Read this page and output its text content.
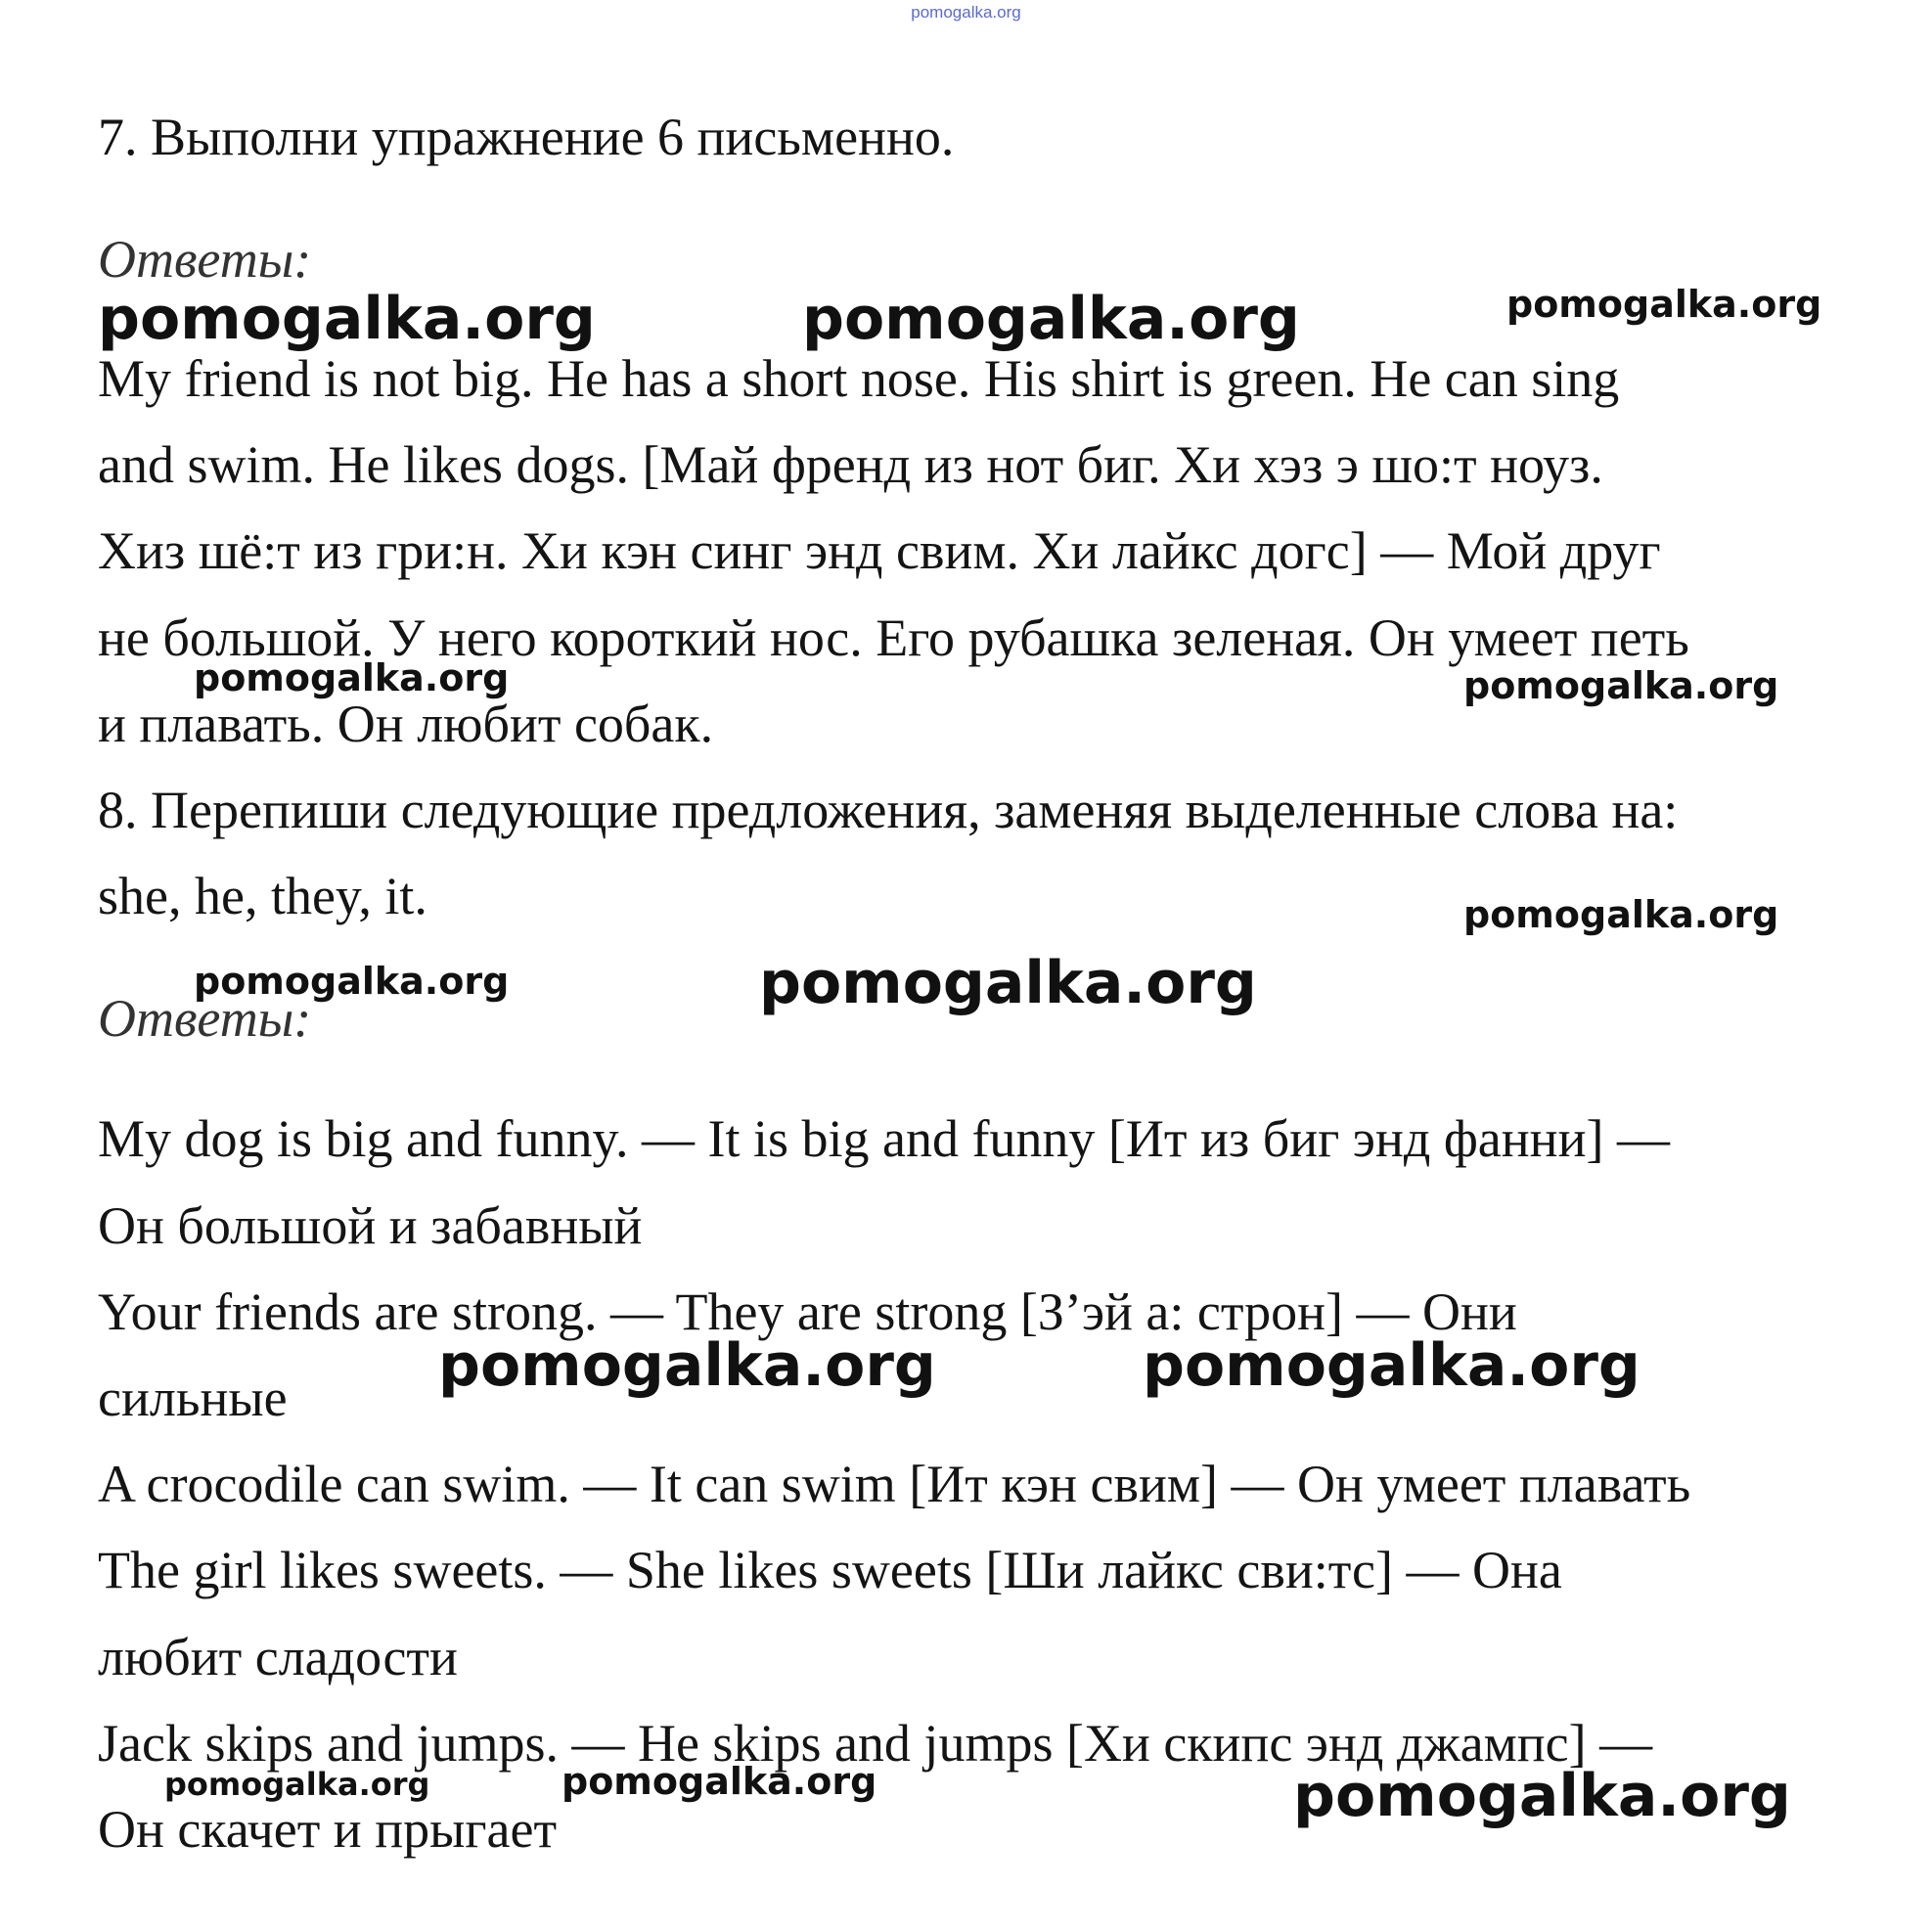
pomogalka.org
7. Выполни упражнение 6 письменно.
Ответы:
My friend is not big. He has a short nose. His shirt is green. He can sing
and swim. He likes dogs. [Май френд из нот биг. Хи хэз э шо:т ноуз.
Хиз шё:т из гри:н. Хи кэн синг энд свим. Хи лайкс догс] — Мой друг
не большой. У него короткий нос. Его рубашка зеленая. Он умеет петь
и плавать. Он любит собак.
8. Перепиши следующие предложения, заменяя выделенные слова на:
she, he, they, it.
Ответы:
My dog is big and funny. — It is big and funny [Ит из биг энд фанни] —
Он большой и забавный
Your friends are strong. — They are strong [З’эй а: строн] — Они
сильные
A crocodile can swim. — It can swim [Ит кэн свим] — Он умеет плавать
The girl likes sweets. — She likes sweets [Ши лайкс сви:тс] — Она
любит сладости
Jack skips and jumps. — He skips and jumps [Хи скипс энд джампс] —
Он скачет и прыгает
pomogalka.org	pomogalka.org	pomogalka.org
pomogalka.org	pomogalka.org
pomogalka.org
pomogalka.org	pomogalka.org
pomogalka.org	pomogalka.org
pomogalka.org	pomogalka.org	pomogalka.org
